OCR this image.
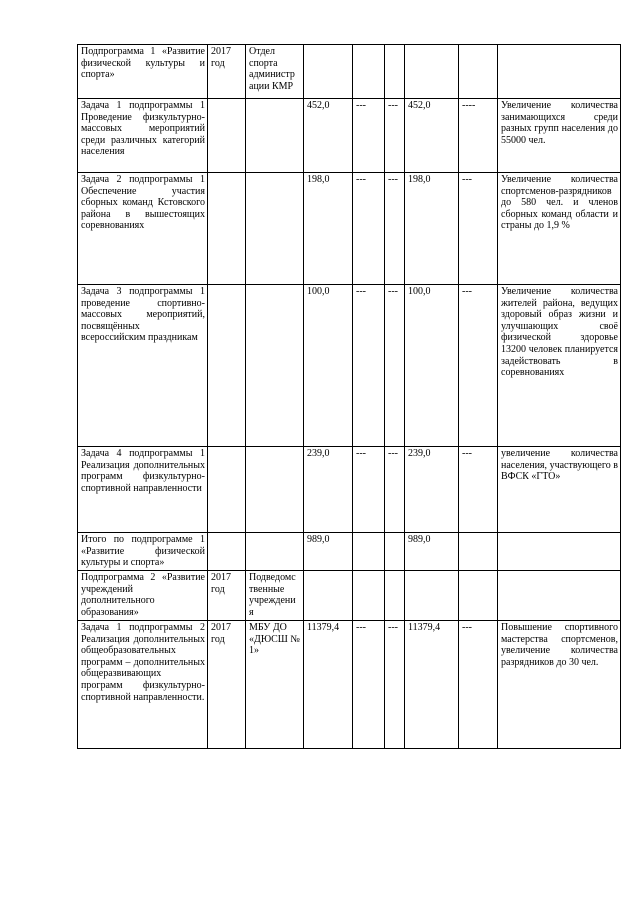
Подпрограмма 1 «Развитие физической культуры и спорта»	2017 год	Отдел спорта администр ации КМР						
Задача 1 подпрограммы 1 Проведение физкультурно-массовых мероприятий среди различных категорий населения			452,0	---	---	452,0	----	Увеличение количества занимающихся среди разных групп населения до 55000 чел.
Задача 2 подпрограммы 1 Обеспечение участия сборных команд Кстовского района в вышестоящих соревнованиях			198,0	---	---	198,0	---	Увеличение количества спортсменов-разрядников до 580 чел. и членов сборных команд области и страны до 1,9 %
Задача 3 подпрограммы 1 проведение спортивно-массовых мероприятий, посвящённых всероссийским праздникам			100,0	---	---	100,0	---	Увеличение количества жителей района, ведущих здоровый образ жизни и улучшающих своё физической здоровье 13200 человек планируется задействовать в соревнованиях
Задача 4 подпрограммы 1 Реализация дополнительных программ физкультурно-спортивной направленности			239,0	---	---	239,0	---	увеличение количества населения, участвующего в ВФСК «ГТО»
Итого по подпрограмме 1 «Развитие физической культуры и спорта»			989,0			989,0		
Подпрограмма 2 «Развитие учреждений дополнительного образования»	2017 год	Подведомс твенные учреждени я						
Задача 1 подпрограммы 2 Реализация дополнительных общеобразовательных программ – дополнительных общеразвивающих программ физкультурно-спортивной направленности.	2017 год	МБУ ДО «ДЮСШ № 1»	11379,4	---	---	11379,4	---	Повышение спортивного мастерства спортсменов, увеличение количества разрядников до 30 чел.
